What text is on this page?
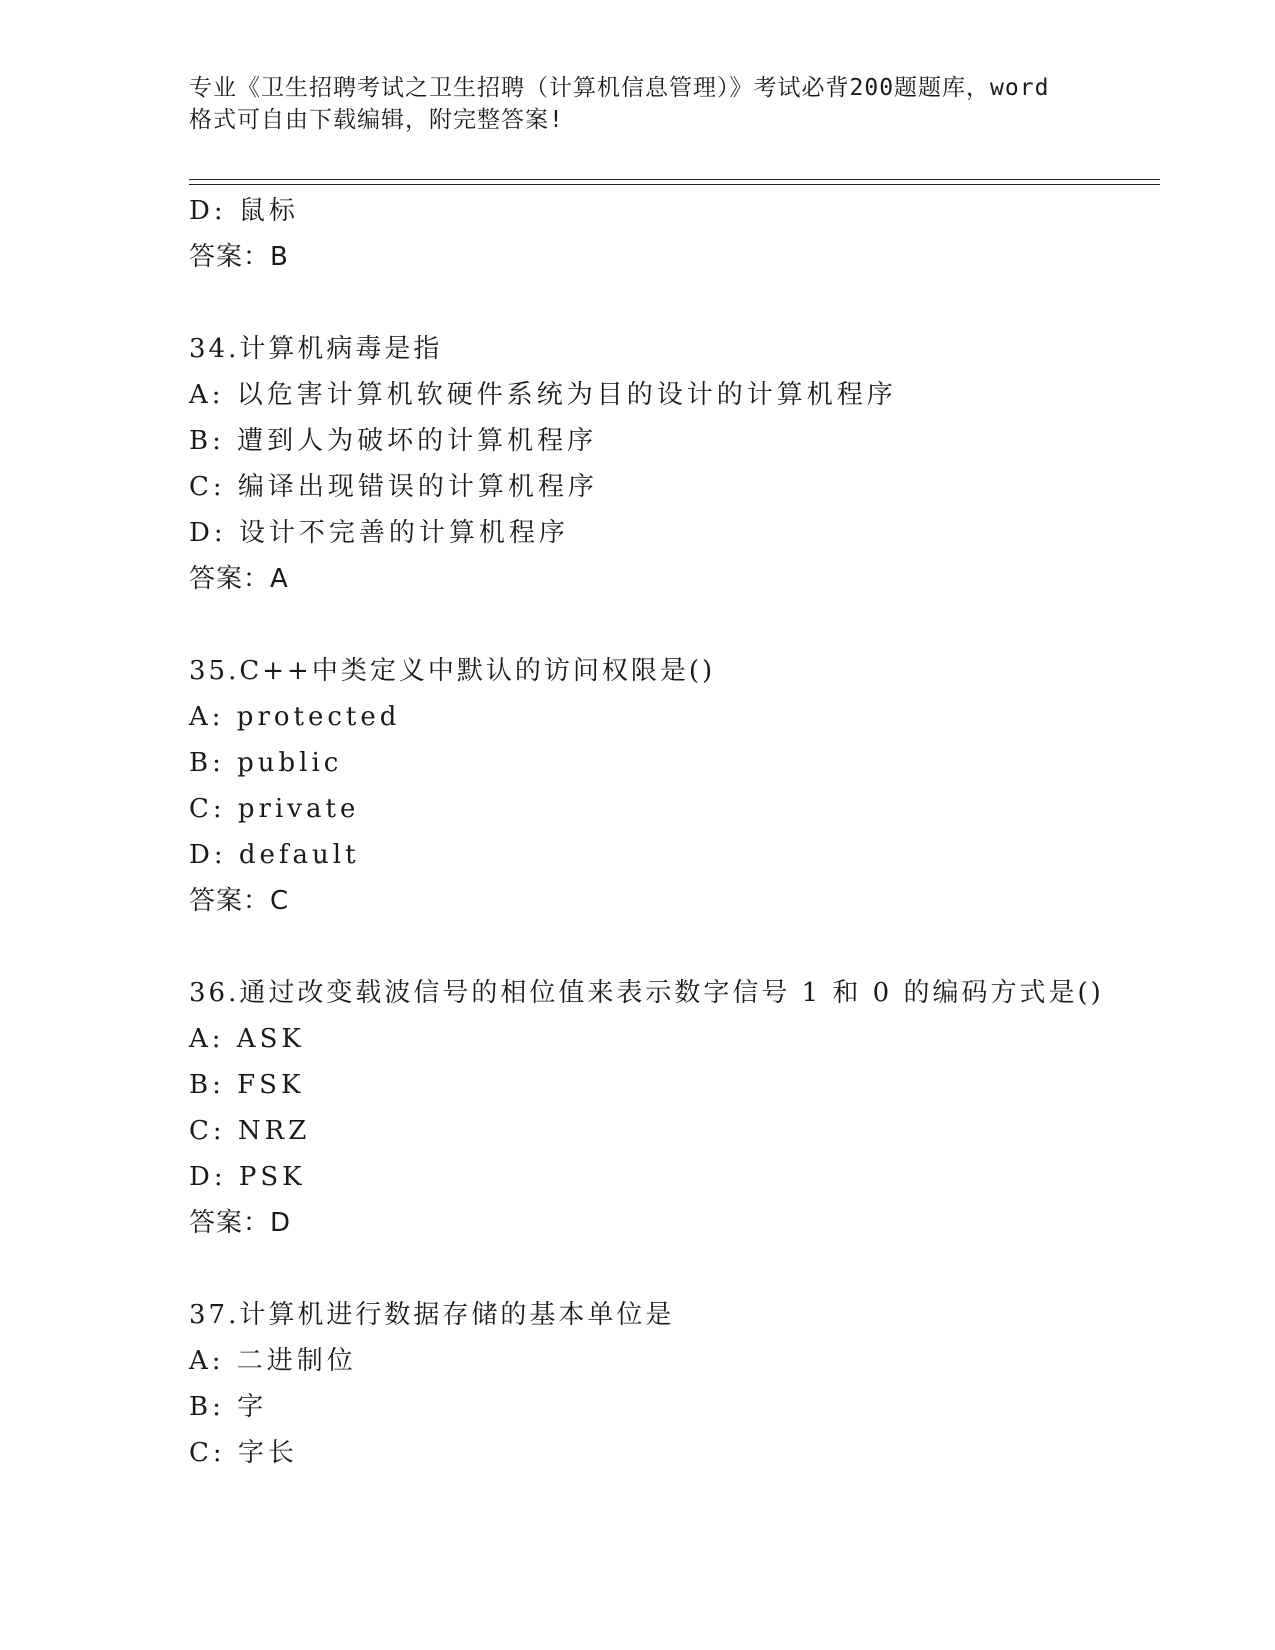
专业《卫生招聘考试之卫生招聘（计算机信息管理）》考试必背200题题库，word
格式可自由下载编辑，附完整答案!
D: 鼠标
答案：B
34.计算机病毒是指
A: 以危害计算机软硬件系统为目的设计的计算机程序
B: 遭到人为破坏的计算机程序
C: 编译出现错误的计算机程序
D: 设计不完善的计算机程序
答案：A
35.C++中类定义中默认的访问权限是()
A: protected
B: public
C: private
D: default
答案：C
36.通过改变载波信号的相位值来表示数字信号 1 和 0 的编码方式是()
A: ASK
B: FSK
C: NRZ
D: PSK
答案：D
37.计算机进行数据存储的基本单位是
A: 二进制位
B: 字
C: 字长
